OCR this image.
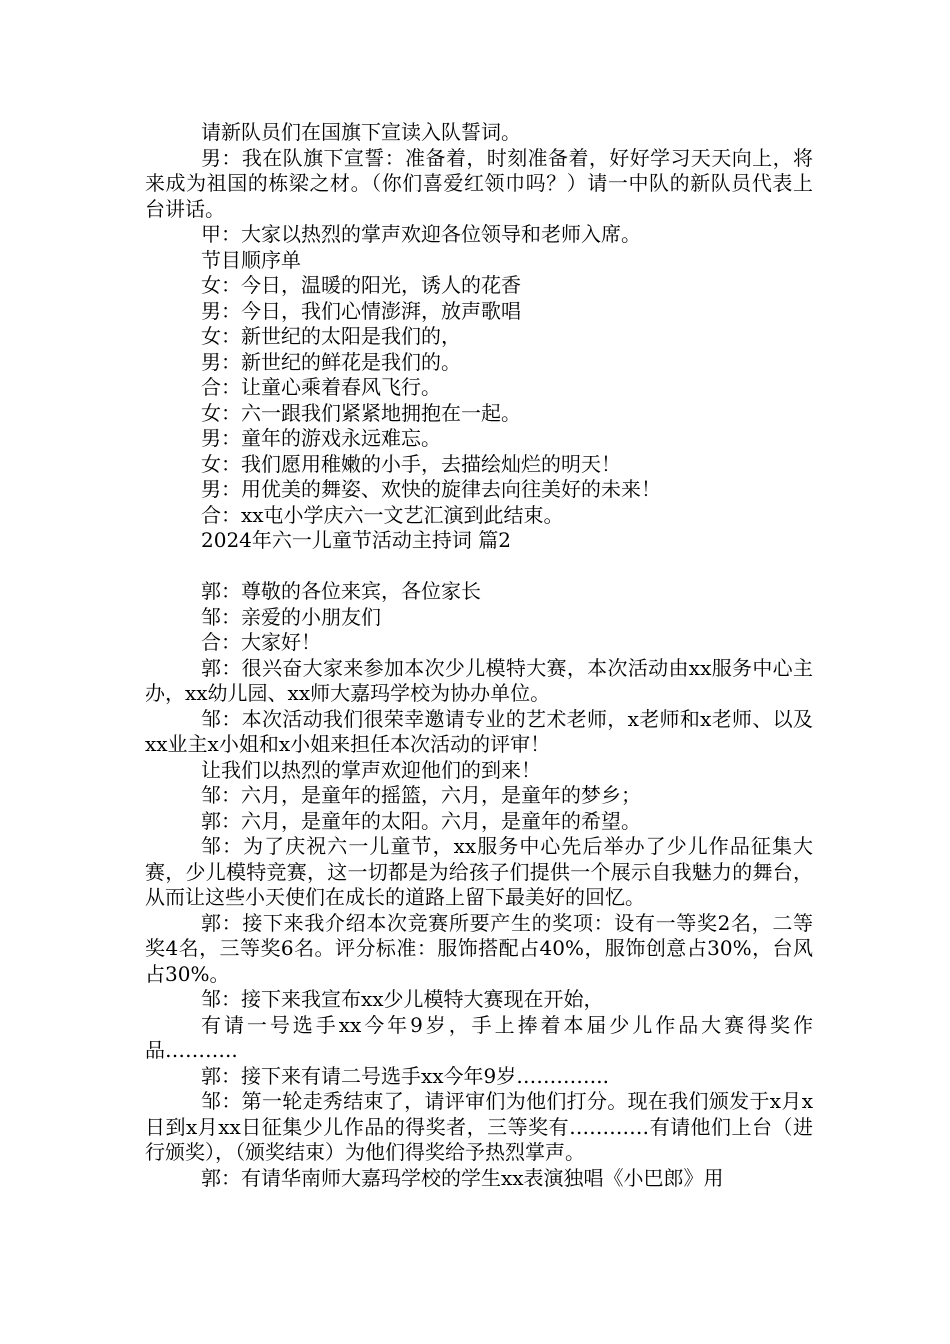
请新队员们在国旗下宣读入队誓词。

男：我在队旗下宣誓：准备着，时刻准备着，好好学习天天向上，将来成为祖国的栋梁之材。（你们喜爱红领巾吗？）请一中队的新队员代表上台讲话。

甲：大家以热烈的掌声欢迎各位领导和老师入席。

节目顺序单

女：今日，温暖的阳光，诱人的花香

男：今日，我们心情澎湃，放声歌唱

女：新世纪的太阳是我们的，

男：新世纪的鲜花是我们的。

合：让童心乘着春风飞行。

女：六一跟我们紧紧地拥抱在一起。

男：童年的游戏永远难忘。

女：我们愿用稚嫩的小手，去描绘灿烂的明天！

男：用优美的舞姿、欢快的旋律去向往美好的未来！

合：xx屯小学庆六一文艺汇演到此结束。

2024年六一儿童节活动主持词 篇2

郭：尊敬的各位来宾，各位家长

邹：亲爱的小朋友们

合：大家好！

郭：很兴奋大家来参加本次少儿模特大赛，本次活动由xx服务中心主办，xx幼儿园、xx师大嘉玛学校为协办单位。

邹：本次活动我们很荣幸邀请专业的艺术老师，x老师和x老师、以及xx业主x小姐和x小姐来担任本次活动的评审！

让我们以热烈的掌声欢迎他们的到来！

邹：六月，是童年的摇篮，六月，是童年的梦乡；

郭：六月，是童年的太阳。六月，是童年的希望。

邹：为了庆祝六一儿童节，xx服务中心先后举办了少儿作品征集大赛，少儿模特竞赛，这一切都是为给孩子们提供一个展示自我魅力的舞台，从而让这些小天使们在成长的道路上留下最美好的回忆。

郭：接下来我介绍本次竞赛所要产生的奖项：设有一等奖2名，二等奖4名，三等奖6名。评分标准：服饰搭配占40%，服饰创意占30%，台风占30%。

邹：接下来我宣布xx少儿模特大赛现在开始，

有请一号选手xx今年9岁，手上捧着本届少儿作品大赛得奖作品………..

郭：接下来有请二号选手xx今年9岁…………..

邹：第一轮走秀结束了，请评审们为他们打分。现在我们颁发于x月x日到x月xx日征集少儿作品的得奖者，三等奖有…………有请他们上台（进行颁奖），（颁奖结束）为他们得奖给予热烈掌声。

郭：有请华南师大嘉玛学校的学生xx表演独唱《小巴郎》用
